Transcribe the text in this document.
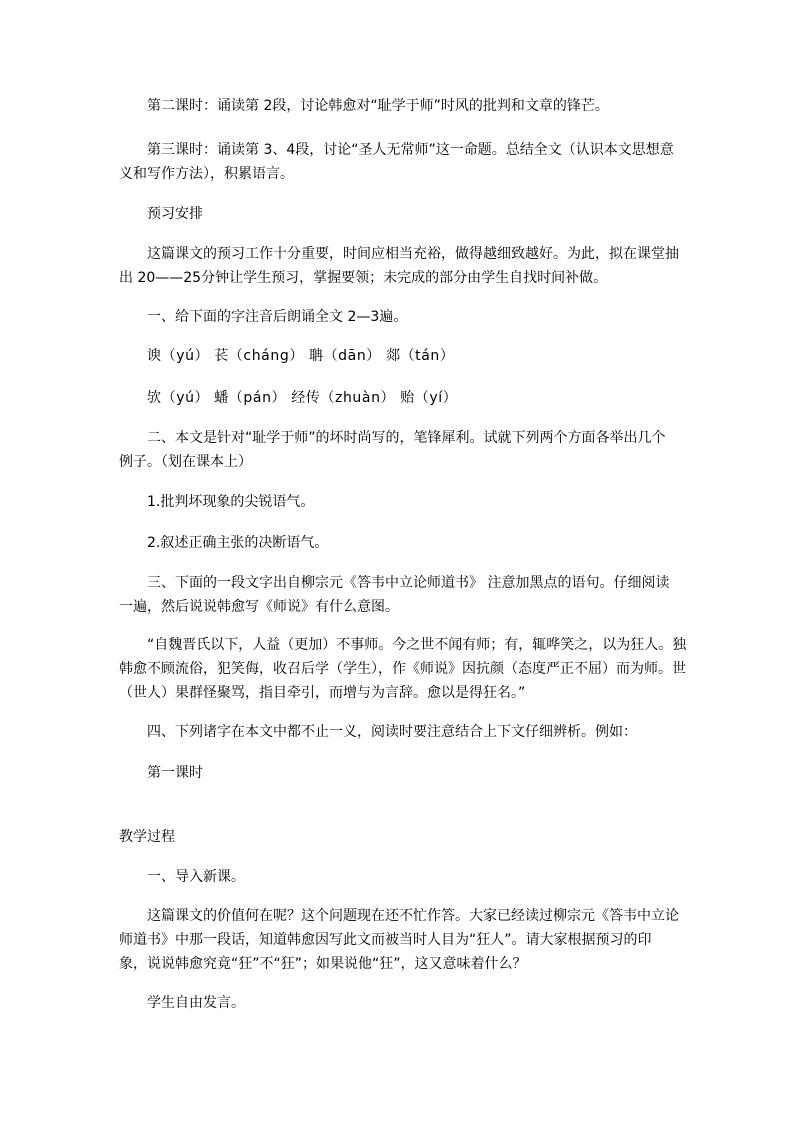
第二课时：诵读第 2段，讨论韩愈对“耻学于师”时风的批判和文章的锋芒。
第三课时：诵读第 3、4段，讨论“圣人无常师”这一命题。总结全文（认识本文思想意义和写作方法），积累语言。
预习安排
这篇课文的预习工作十分重要，时间应相当充裕，做得越细致越好。为此，拟在课堂抽出 20——25分钟让学生预习，掌握要领；未完成的部分由学生自找时间补做。
一、给下面的字注音后朗诵全文 2—3遍。
谀（yú） 苌（cháng） 聃（dān） 郯（tán）
欤（yú） 蟠（pán） 经传（zhuàn） 贻（yí）
二、本文是针对“耻学于师”的坏时尚写的，笔锋犀利。试就下列两个方面各举出几个例子。（划在课本上）
1.批判坏现象的尖锐语气。
2.叙述正确主张的决断语气。
三、下面的一段文字出自柳宗元《答韦中立论师道书》 注意加黑点的语句。仔细阅读一遍，然后说说韩愈写《师说》有什么意图。
“自魏晋氏以下，人益（更加）不事师。今之世不闻有师；有，辄哗笑之，以为狂人。独韩愈不顾流俗，犯笑侮，收召后学（学生），作《师说》因抗颜（态度严正不屈）而为师。世（世人）果群怪聚骂，指目牵引，而增与为言辞。愈以是得狂名。”
四、下列诸字在本文中都不止一义，阅读时要注意结合上下文仔细辨析。例如：
第一课时
教学过程
一、导入新课。
这篇课文的价值何在呢？这个问题现在还不忙作答。大家已经读过柳宗元《答韦中立论师道书》中那一段话，知道韩愈因写此文而被当时人目为“狂人”。请大家根据预习的印象，说说韩愈究竟“狂”不“狂”；如果说他“狂”，这又意味着什么？
学生自由发言。
